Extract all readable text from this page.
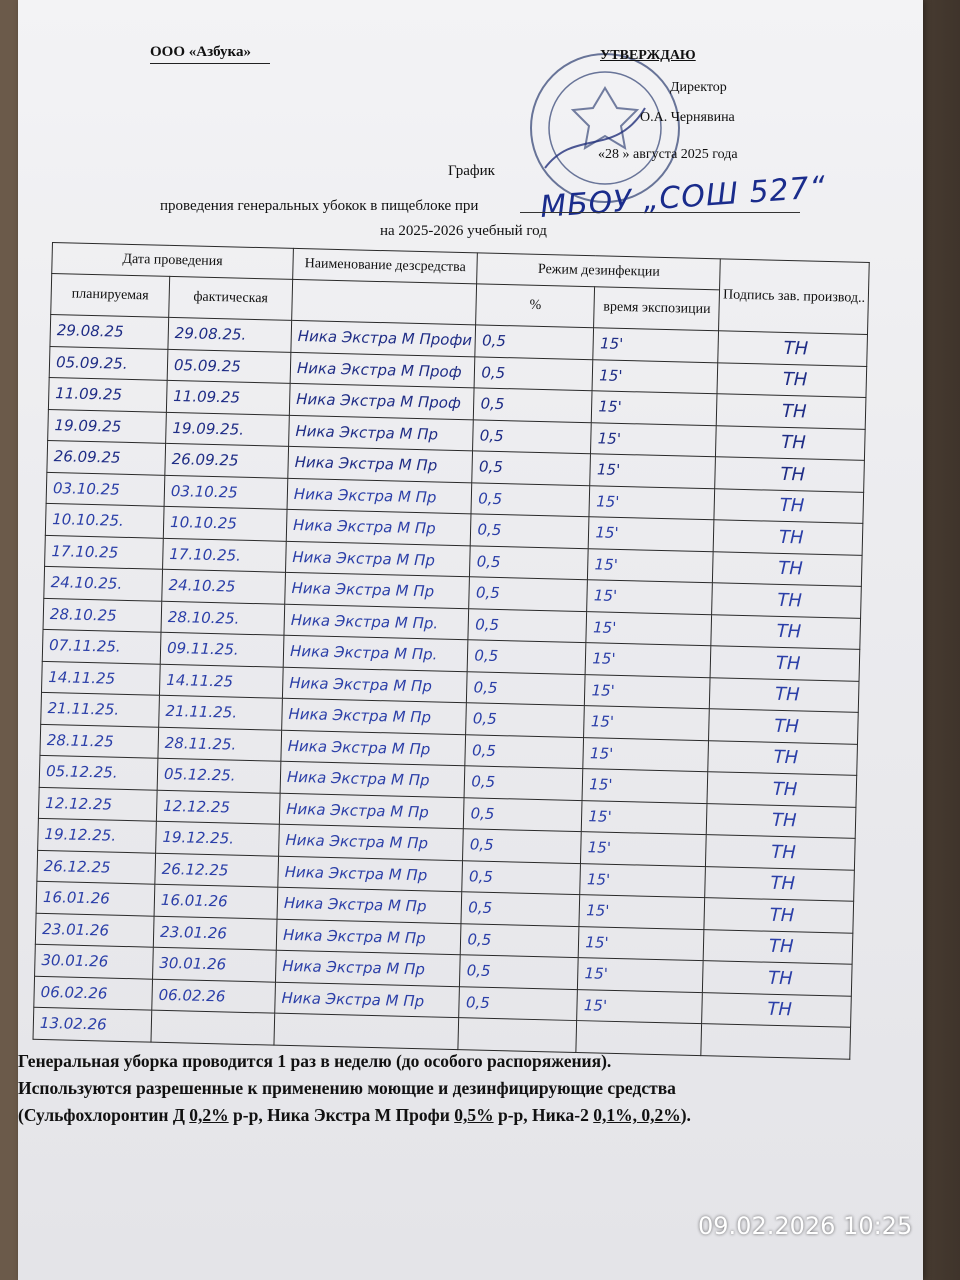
ООО «Азбука»	УТВЕРЖДАЮ
Директор
О.А. Чернявина
«28 » августа 2025 года
График
проведения генеральных убокок в пищеблоке при МБОУ „СОШ 527“
на 2025-2026 учебный год
Дата проведения		Наименование дезсредства	Режим дезинфекции		Подпись зав. производ..
планируемая	фактическая		%	время экспозиции	

29.08.25	29.08.25.	Ника Экстра М Профи	0,5	15'	ТН
05.09.25.	05.09.25	Ника Экстра М Проф	0,5	15'	ТН
11.09.25	11.09.25	Ника Экстра М Проф	0,5	15'	ТН
19.09.25	19.09.25.	Ника Экстра М Пр	0,5	15'	ТН
26.09.25	26.09.25	Ника Экстра М Пр	0,5	15'	ТН
03.10.25	03.10.25	Ника Экстра М Пр	0,5	15'	ТН
10.10.25.	10.10.25	Ника Экстра М Пр	0,5	15'	ТН
17.10.25	17.10.25.	Ника Экстра М Пр	0,5	15'	ТН
24.10.25.	24.10.25	Ника Экстра М Пр	0,5	15'	ТН
28.10.25	28.10.25.	Ника Экстра М Пр.	0,5	15'	ТН
07.11.25.	09.11.25.	Ника Экстра М Пр.	0,5	15'	ТН
14.11.25	14.11.25	Ника Экстра М Пр	0,5	15'	ТН
21.11.25.	21.11.25.	Ника Экстра М Пр	0,5	15'	ТН
28.11.25	28.11.25.	Ника Экстра М Пр	0,5	15'	ТН
05.12.25.	05.12.25.	Ника Экстра М Пр	0,5	15'	ТН
12.12.25	12.12.25	Ника Экстра М Пр	0,5	15'	ТН
19.12.25.	19.12.25.	Ника Экстра М Пр	0,5	15'	ТН
26.12.25	26.12.25	Ника Экстра М Пр	0,5	15'	ТН
16.01.26	16.01.26	Ника Экстра М Пр	0,5	15'	ТН
23.01.26	23.01.26	Ника Экстра М Пр	0,5	15'	ТН
30.01.26	30.01.26	Ника Экстра М Пр	0,5	15'	ТН
06.02.26	06.02.26	Ника Экстра М Пр	0,5	15'	ТН
13.02.26					
Генеральная уборка проводится 1 раз в неделю (до особого распоряжения).
Используются разрешенные к применению моющие и дезинфицирующие средства
(Сульфохлоронтин Д 0,2% р-р, Ника Экстра М Профи 0,5% р-р, Ника-2 0,1%, 0,2%).
09.02.2026 10:25
